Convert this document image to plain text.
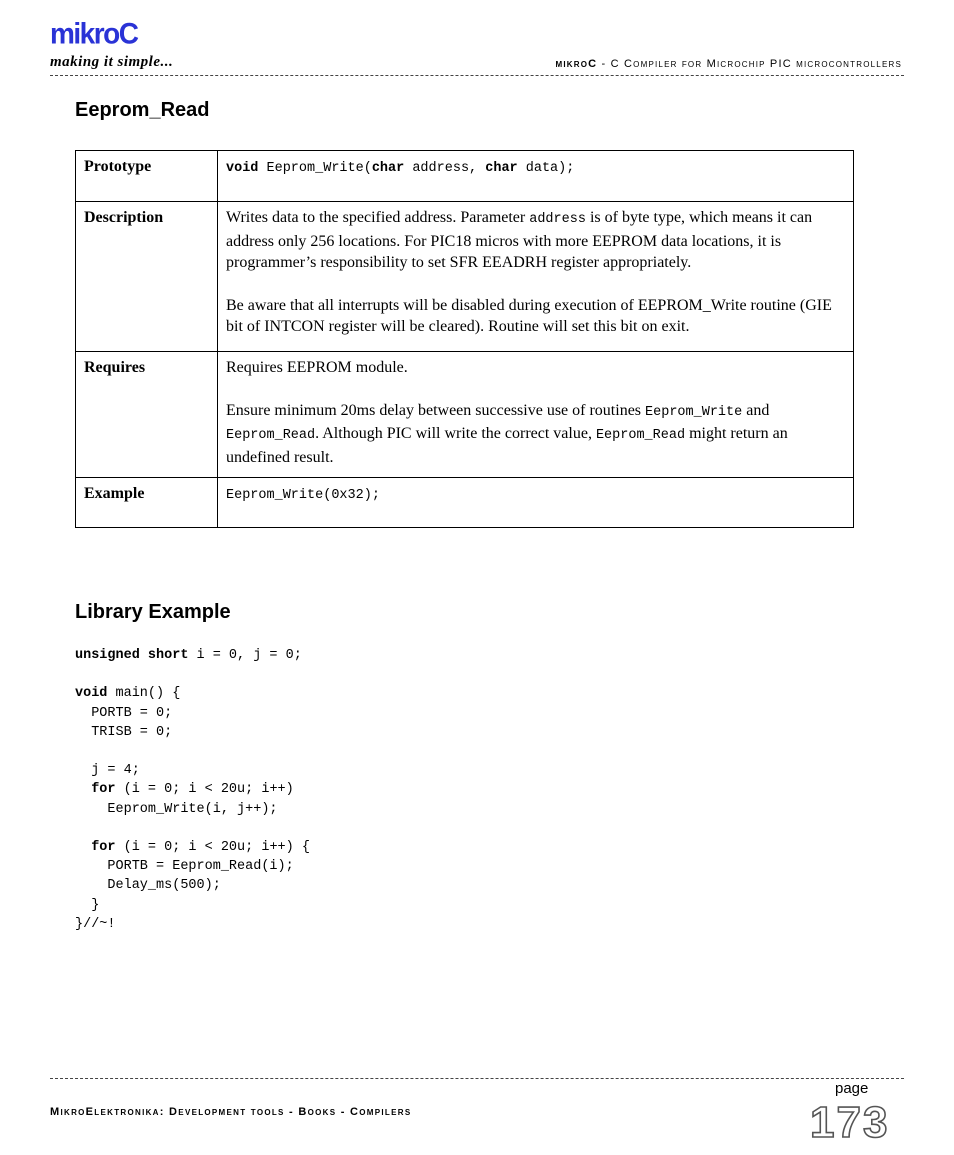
mikroC
making it simple...	mikroC - C Compiler for Microchip PIC microcontrollers
Eeprom_Read
Prototype	void Eeprom_Write(char address, char data);
Description	Writes data to the specified address. Parameter address is of byte type, which means it can address only 256 locations. For PIC18 micros with more EEPROM data locations, it is programmer’s responsibility to set SFR EEADRH register appropriately.

Be aware that all interrupts will be disabled during execution of EEPROM_Write routine (GIE bit of INTCON register will be cleared). Routine will set this bit on exit.

Requires	Requires EEPROM module.

Ensure minimum 20ms delay between successive use of routines Eeprom_Write and Eeprom_Read. Although PIC will write the correct value, Eeprom_Read might return an undefined result.

Example	Eeprom_Write(0x32);
Library Example
unsigned short i = 0, j = 0;

void main() {
PORTB = 0;
TRISB = 0;

j = 4;
for (i = 0; i < 20u; i++)
Eeprom_Write(i, j++);

for (i = 0; i < 20u; i++) {
PORTB = Eeprom_Read(i);
Delay_ms(500);
}
}//~!
page
173
MikroElektronika: Development tools - Books - Compilers
